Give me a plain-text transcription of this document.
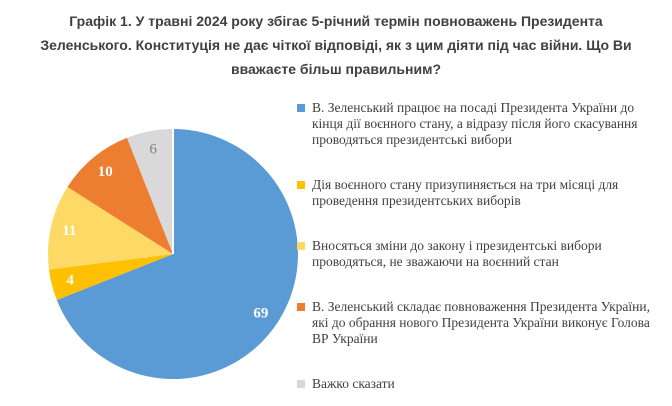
Графік 1. У травні 2024 року збігає 5-річний термін повноважень Президента
Зеленського. Конституція не дає чіткої відповіді, як з цим діяти під час війни. Що Ви
вважаєте більш правильним?
69
4
11
10
6
В. Зеленський працює на посаді Президента України до кінця дії воєнного стану, а відразу після його скасування проводяться президентські вибори
Дія воєнного стану призупиняється на три місяці для проведення президентських виборів
Вносяться зміни до закону і президентські вибори проводяться, не зважаючи на воєнний стан
В. Зеленський складає повноваження Президента України, які до обрання нового Президента України виконує Голова ВР України
Важко сказати
